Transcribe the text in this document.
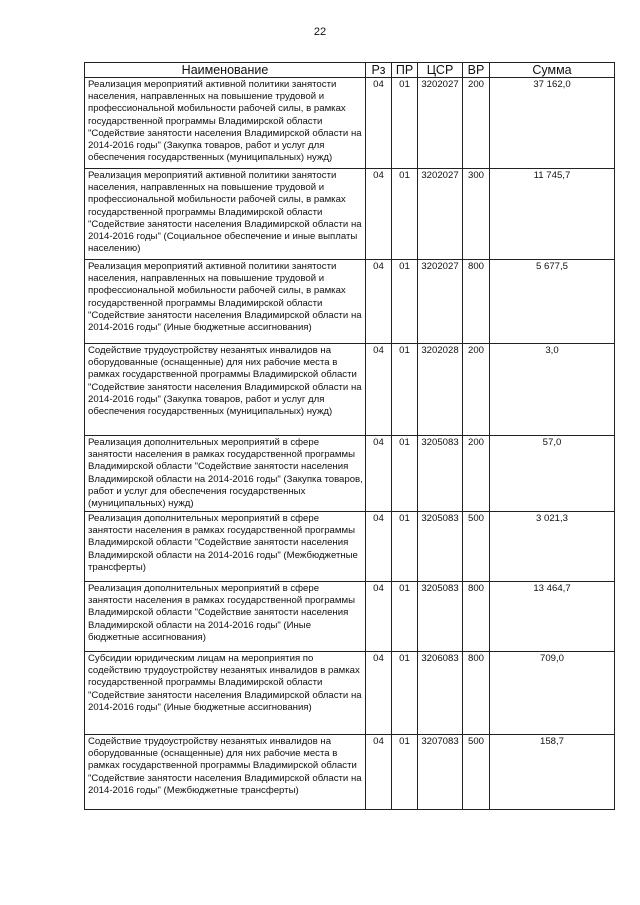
22
Наименование	Рз	ПР	ЦСР	ВР	Сумма
Реализация мероприятий активной политики занятости населения, направленных на повышение трудовой и профессиональной мобильности рабочей силы, в рамках государственной программы Владимирской области "Содействие занятости населения Владимирской области на 2014-2016 годы" (Закупка товаров, работ и услуг для обеспечения государственных (муниципальных) нужд)	04	01	3202027	200	37 162,0
Реализация мероприятий активной политики занятости населения, направленных на повышение трудовой и профессиональной мобильности рабочей силы, в рамках государственной программы Владимирской области "Содействие занятости населения Владимирской области на 2014-2016 годы" (Социальное обеспечение и иные выплаты населению)	04	01	3202027	300	11 745,7
Реализация мероприятий активной политики занятости населения, направленных на повышение трудовой и профессиональной мобильности рабочей силы, в рамках государственной программы Владимирской области "Содействие занятости населения Владимирской области на 2014-2016 годы" (Иные бюджетные ассигнования)	04	01	3202027	800	5 677,5
Содействие трудоустройству незанятых инвалидов на оборудованные (оснащенные) для них рабочие места в рамках государственной программы Владимирской области "Содействие занятости населения Владимирской области на 2014-2016 годы" (Закупка товаров, работ и услуг для обеспечения государственных (муниципальных) нужд)	04	01	3202028	200	3,0
Реализация дополнительных мероприятий в сфере занятости населения в рамках государственной программы Владимирской области "Содействие занятости населения Владимирской области на 2014-2016 годы" (Закупка товаров, работ и услуг для обеспечения государственных (муниципальных) нужд)	04	01	3205083	200	57,0
Реализация дополнительных мероприятий в сфере занятости населения в рамках государственной программы Владимирской области "Содействие занятости населения Владимирской области на 2014-2016 годы" (Межбюджетные трансферты)	04	01	3205083	500	3 021,3
Реализация дополнительных мероприятий в сфере занятости населения в рамках государственной программы Владимирской области "Содействие занятости населения Владимирской области на 2014-2016 годы" (Иные бюджетные ассигнования)	04	01	3205083	800	13 464,7
Субсидии юридическим лицам на мероприятия по содействию трудоустройству незанятых инвалидов в рамках государственной программы Владимирской области "Содействие занятости населения Владимирской области на 2014-2016 годы" (Иные бюджетные ассигнования)	04	01	3206083	800	709,0
Содействие трудоустройству незанятых инвалидов на оборудованные (оснащенные) для них рабочие места в рамках государственной программы Владимирской области "Содействие занятости населения Владимирской области на 2014-2016 годы" (Межбюджетные трансферты)	04	01	3207083	500	158,7
